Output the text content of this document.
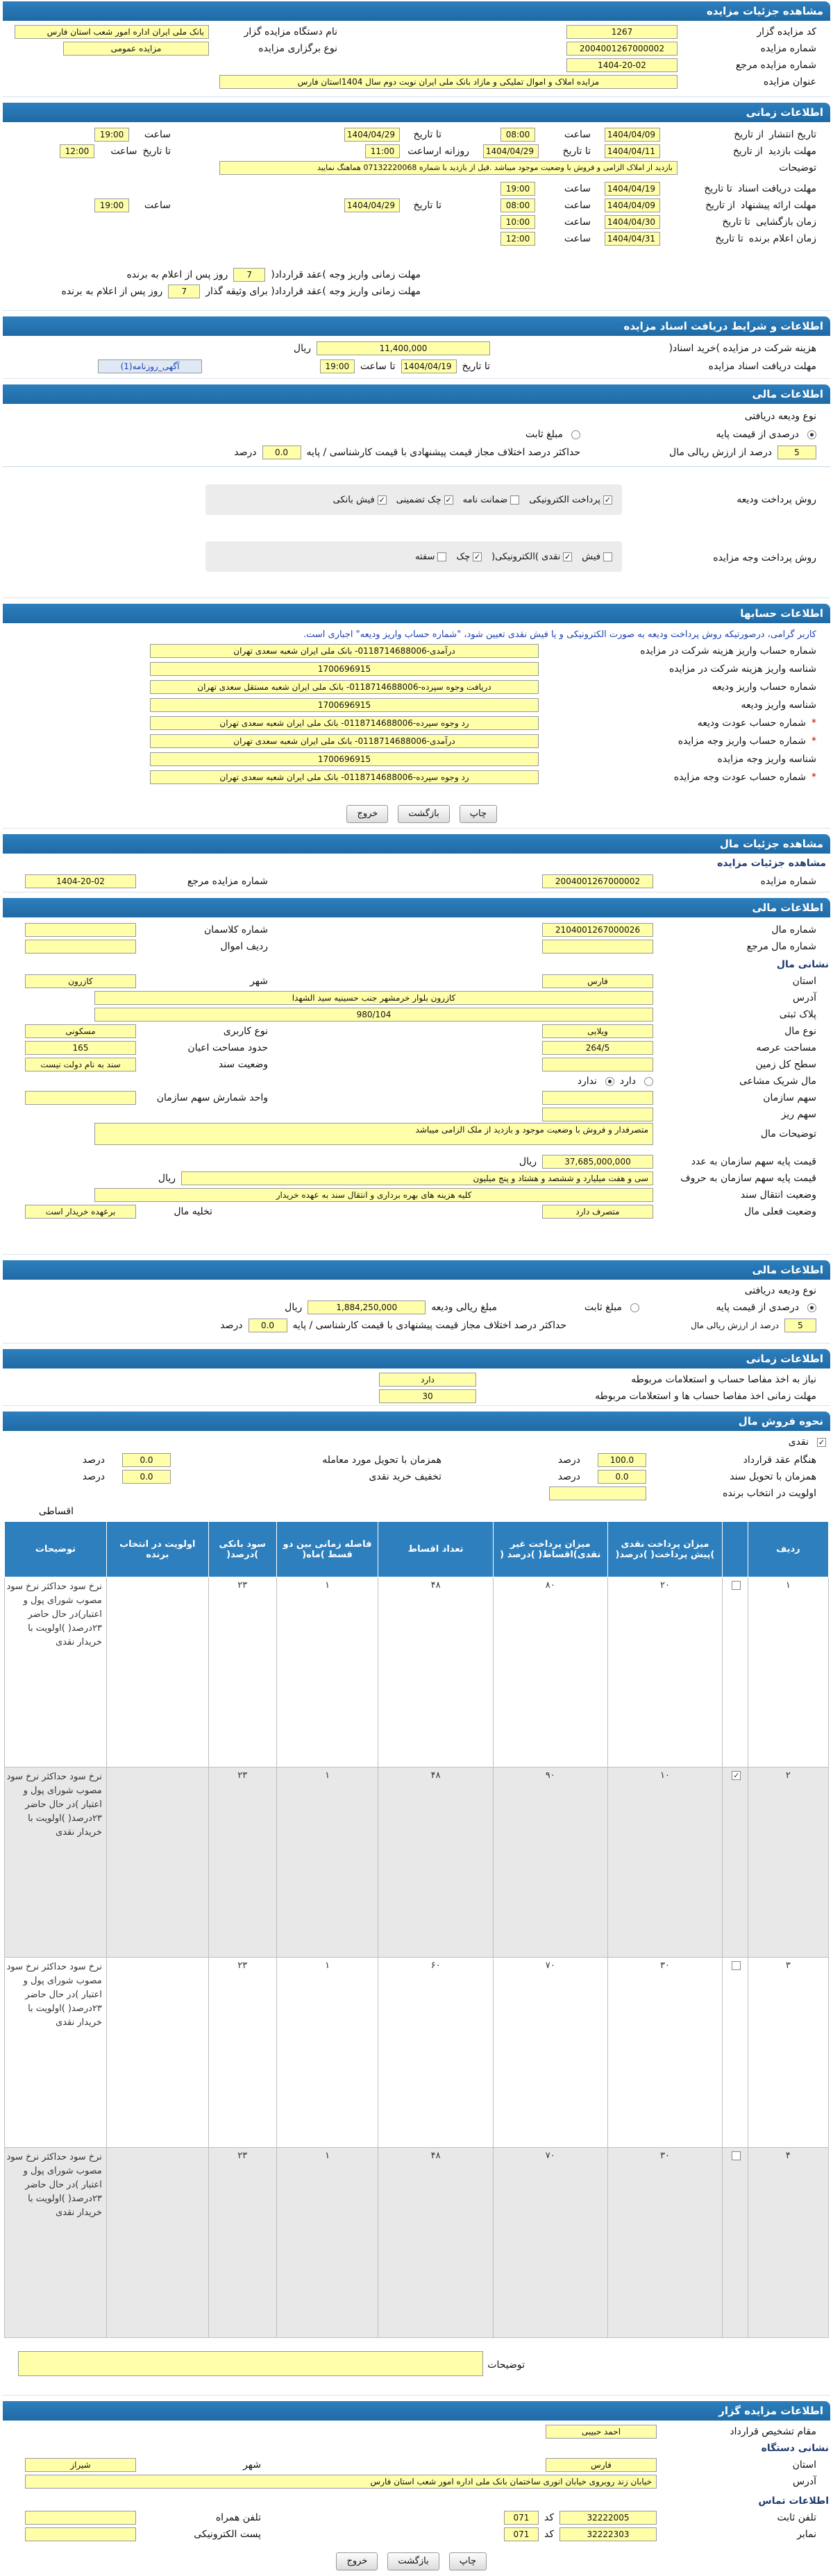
مشاهده جزئیات مزایده
کد مزایده گزار
1267
نام دستگاه مزایده گزار
بانک ملی ایران اداره امور شعب استان فارس
شماره مزایده
2004001267000002
نوع برگزاری مزایده
مزایده عمومی
شماره مزایده مرجع
1404-20-02
عنوان مزایده
مزایده املاک و اموال تملیکی و مازاد بانک ملی ایران نوبت دوم سال 1404استان فارس
اطلاعات زمانی
تاریخ انتشار
از تاریخ
1404/04/09
ساعت
08:00
تا تاریخ
1404/04/29
ساعت
19:00
مهلت بازدید
از تاریخ
1404/04/11
تا تاریخ
1404/04/29
روزانه ارساعت
11:00
تا تاریخ
ساعت
12:00
توضیحات
بازدید از املاک الزامی و فروش با وضعیت موجود میباشد .قبل از بازدید با شماره 07132220068 هماهنگ نمایید
مهلت دریافت اسناد
تا تاریخ
1404/04/19
ساعت
19:00
مهلت ارائه پیشنهاد
از تاریخ
1404/04/09
ساعت
08:00
تا تاریخ
1404/04/29
ساعت
19:00
زمان بازگشایی
تا تاریخ
1404/04/30
ساعت
10:00
زمان اعلام برنده
تا تاریخ
1404/04/31
ساعت
12:00
مهلت زمانی واریز وجه )عقد قرارداد(
7
روز پس از اعلام به برنده
مهلت زمانی واریز وجه )عقد قرارداد( برای وثیقه گذار
7
روز پس از اعلام به برنده
اطلاعات و شرایط دریافت اسناد مزایده
هزینه شرکت در مزایده )خرید اسناد(
11,400,000
ریال
مهلت دریافت اسناد مزایده
تا تاریخ
1404/04/19
تا ساعت
19:00
آگهی_روزنامه(1)
اطلاعات مالی
نوع ودیعه دریافتی
درصدی از قیمت پایه
مبلغ ثابت
5
درصد از ارزش ریالی مال
حداکثر درصد اختلاف مجاز قیمت پیشنهادی با قیمت کارشناسی / پایه
0.0
درصد
روش پرداخت ودیعه
✓پرداخت الکترونیکی
ضمانت نامه
✓چک تضمینی
✓فیش بانکی
روش پرداخت وجه مزایده
فیش
✓نقدی )الکترونیکی(
✓چک
سفته
اطلاعات حسابها
کاربر گرامی، درصورتیکه روش پرداخت ودیعه به صورت الکترونیکی و یا فیش نقدی تعیین شود، "شماره حساب واریز ودیعه" اجباری است.
شماره حساب واریز هزینه شرکت در مزایده
درآمدی-0118714688006- بانک ملی ایران شعبه سعدی تهران
شناسه واریز هزینه شرکت در مزایده
1700696915
شماره حساب واریز ودیعه
دریافت وجوه سپرده-0118714688006- بانک ملی ایران شعبه مستقل سعدی تهران
شناسه واریز ودیعه
1700696915
*
شماره حساب عودت ودیعه
رد وجوه سپرده-0118714688006- بانک ملی ایران شعبه سعدی تهران
*
شماره حساب واریز وجه مزایده
درآمدی-0118714688006- بانک ملی ایران شعبه سعدی تهران
شناسه واریز وجه مزایده
1700696915
*
شماره حساب عودت وجه مزایده
رد وجوه سپرده-0118714688006- بانک ملی ایران شعبه سعدی تهران
چاپ
بازگشت
خروج
مشاهده جزئیات مال
مشاهده جزئیات مزایده
شماره مزایده
2004001267000002
شماره مزایده مرجع
1404-20-02
اطلاعات مالی
شماره مال
2104001267000026
شماره کلاسمان
شماره مال مرجع
ردیف اموال
نشانی مال
استان
فارس
شهر
کازرون
آدرس
کازرون بلوار خرمشهر جنب حسینیه سید الشهدا
پلاک ثبتی
980/104
نوع مال
ویلایی
نوع کاربری
مسکونی
مساحت عرصه
264/5
حدود مساحت اعیان
165
سطح کل زمین
وضعیت سند
سند به نام دولت نیست
مال شریک مشاعی
دارد
ندارد
سهم سازمان
واحد شمارش سهم سازمان
سهم ریز
توضیحات مال
متصرفدار و فروش با وضعیت موجود و بازدید از ملک الزامی میباشد
قیمت پایه سهم سازمان به عدد
37,685,000,000
ریال
قیمت پایه سهم سازمان به حروف
سی و هفت میلیارد و ششصد و هشتاد و پنج میلیون
ریال
وضعیت انتقال سند
کلیه هزینه های بهره برداری و انتقال سند به عهده خریدار
وضعیت فعلی مال
متصرف دارد
تخلیه مال
برعهده خریدار است
اطلاعات مالی
نوع ودیعه دریافتی
درصدی از قیمت پایه
مبلغ ثابت
مبلغ ریالی ودیعه
1,884,250,000
ریال
5
درصد از ارزش ریالی مال
حداکثر درصد اختلاف مجاز قیمت پیشنهادی با قیمت کارشناسی / پایه
0.0
درصد
اطلاعات زمانی
نیاز به اخذ مفاصا حساب و استعلامات مربوطه
دارد
مهلت زمانی اخذ مفاصا حساب ها و استعلامات مربوطه
30
نحوه فروش مال
✓
نقدی
هنگام عقد قرارداد
100.0
درصد
همزمان با تحویل مورد معامله
0.0
درصد
همزمان با تحویل سند
0.0
درصد
تخفیف خرید نقدی
0.0
درصد
اولویت در انتخاب برنده
اقساطی
ردیف		میزان پرداخت نقدی )پیش پرداخت( )درصد(	میزان پرداخت غیر نقدی)اقساط( )درصد (	تعداد اقساط	فاصله زمانی بین دو قسط )ماه(	سود بانکی )درصد(	اولویت در انتخاب برنده	توضیحات
۱		۲۰	۸۰	۴۸	۱	۲۳		نرخ سود حداکثر نرخ سود مصوب شورای پول و اعتبار)در حال حاضر ۲۳درصد( )اولویت با خریدار نقدی
۲	✓	۱۰	۹۰	۴۸	۱	۲۳		نرخ سود حداکثر نرخ سود مصوب شورای پول و اعتبار )در حال حاضر ۲۳درصد( )اولویت با خریدار نقدی
۳		۳۰	۷۰	۶۰	۱	۲۳		نرخ سود حداکثر نرخ سود مصوب شورای پول و اعتبار )در حال حاضر ۲۳درصد( )اولویت با خریدار نقدی
۴		۳۰	۷۰	۴۸	۱	۲۳		نرخ سود حداکثر نرخ سود مصوب شورای پول و اعتبار )در حال حاضر ۲۳درصد( )اولویت با خریدار نقدی
توضیحات
اطلاعات مزایده گزار
مقام تشخیص قرارداد
احمد حبیبی
نشانی دستگاه
استان
فارس
شهر
شیراز
آدرس
خیابان زند روبروی خیابان انوری ساختمان بانک ملی اداره امور شعب استان فارس
اطلاعات تماس
تلفن ثابت
32222005
کد
071
تلفن همراه
نمابر
32222303
کد
071
پست الکترونیکی
چاپ
بازگشت
خروج
